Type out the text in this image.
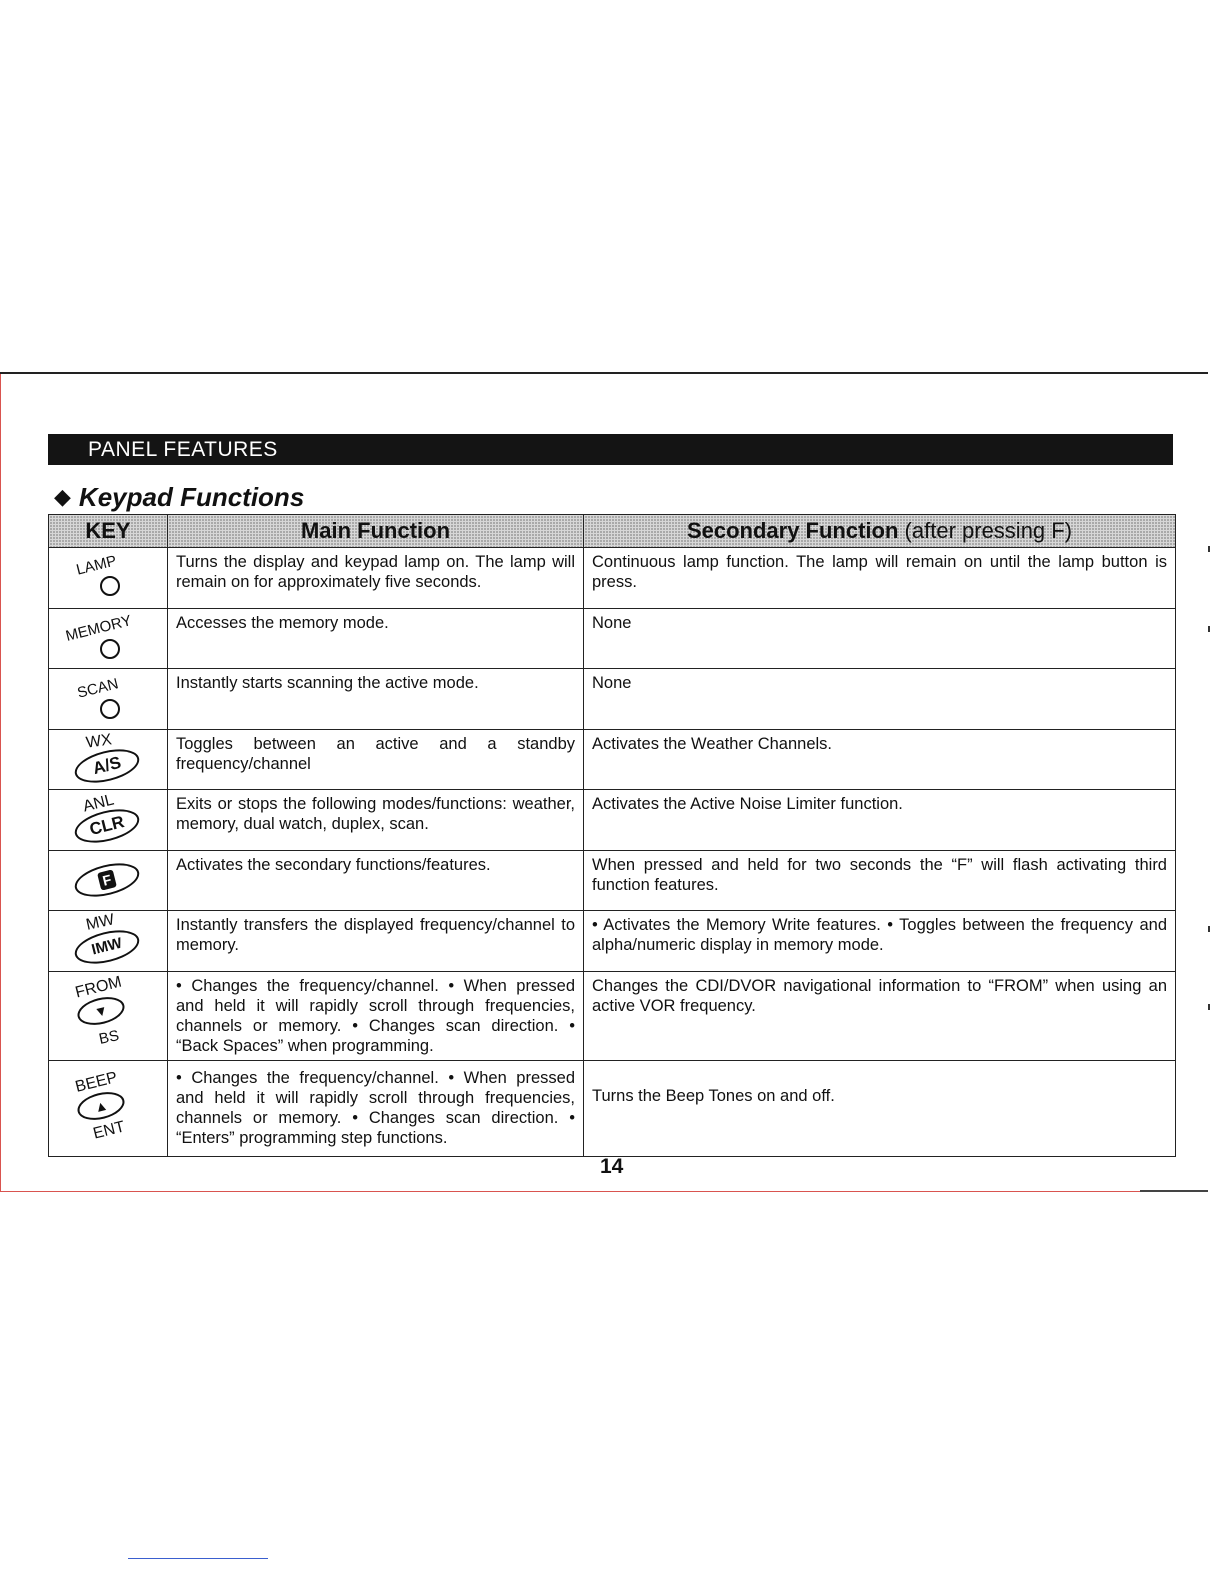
PANEL FEATURES
◆ Keypad Functions
KEY	Main Function	Secondary Function (after pressing F)

LAMP	Turns the display and keypad lamp on. The lamp will remain on for approximately five seconds.	Continuous lamp function. The lamp will remain on until the lamp button is press.

MEMORY	Accesses the memory mode.	None

SCAN	Instantly starts scanning the active mode.	None

WX
A/S	Toggles between an active and a standby frequency/channel	Activates the Weather Channels.

ANL
CLR	Exits or stops the following modes/functions: weather, memory, dual watch, duplex, scan.	Activates the Active Noise Limiter function.

F	Activates the secondary functions/features.	When pressed and held for two seconds the “F” will flash activating third function features.

MW
IMW	Instantly transfers the displayed frequency/channel to memory.	• Activates the Memory Write features. • Toggles between the frequency and alpha/numeric display in memory mode.

FROM
▼
BS	• Changes the frequency/channel. • When pressed and held it will rapidly scroll through frequencies, channels or memory. • Changes scan direction. • “Back Spaces” when programming.	Changes the CDI/DVOR navigational information to “FROM” when using an active VOR frequency.

BEEP
▲
ENT	• Changes the frequency/channel. • When pressed and held it will rapidly scroll through frequencies, channels or memory. • Changes scan direction. • “Enters” programming step functions.	Turns the Beep Tones on and off.
14
